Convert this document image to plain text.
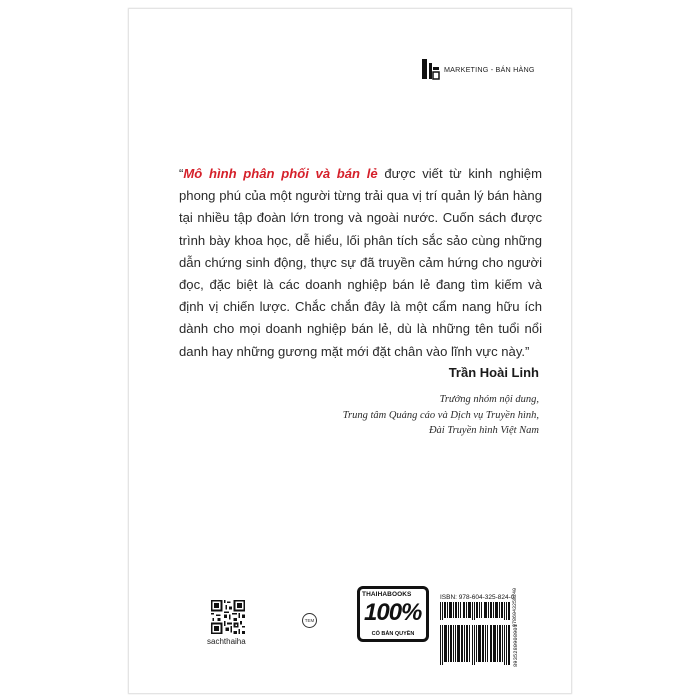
MARKETING - BÁN HÀNG
“Mô hình phân phối và bán lẻ được viết từ kinh nghiệm phong phú của một người từng trải qua vị trí quản lý bán hàng tại nhiều tập đoàn lớn trong và ngoài nước. Cuốn sách được trình bày khoa học, dễ hiểu, lối phân tích sắc sảo cùng những dẫn chứng sinh động, thực sự đã truyền cảm hứng cho người đọc, đặc biệt là các doanh nghiệp bán lẻ đang tìm kiếm và định vị chiến lược. Chắc chắn đây là một cẩm nang hữu ích dành cho mọi doanh nghiệp bán lẻ, dù là những tên tuổi nổi danh hay những gương mặt mới đặt chân vào lĩnh vực này.”
Trần Hoài Linh
Trưởng nhóm nội dung,
Trung tâm Quảng cáo và Dịch vụ Truyền hình,
Đài Truyền hình Việt Nam
sachthaiha
TEM
THAIHABOOKS
100%
CÓ BẢN QUYỀN
ISBN: 978-604-325-824-0
9786043258240
8935280908901
